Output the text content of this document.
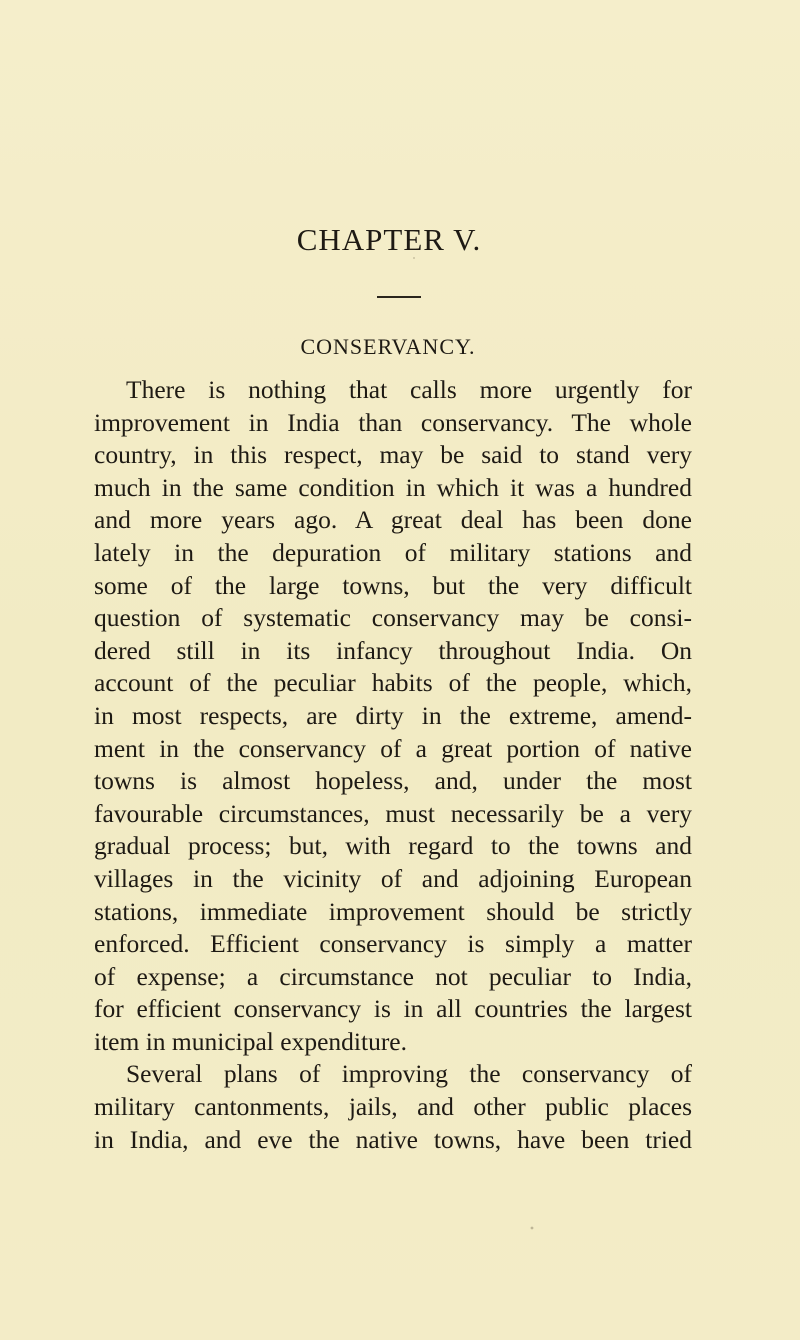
CHAPTER V.
CONSERVANCY.
There is nothing that calls more urgently for
improvement in India than conservancy. The whole
country, in this respect, may be said to stand very
much in the same condition in which it was a hundred
and more years ago. A great deal has been done
lately in the depuration of military stations and
some of the large towns, but the very difficult
question of systematic conservancy may be consi-
dered still in its infancy throughout India. On
account of the peculiar habits of the people, which,
in most respects, are dirty in the extreme, amend-
ment in the conservancy of a great portion of native
towns is almost hopeless, and, under the most
favourable circumstances, must necessarily be a very
gradual process; but, with regard to the towns and
villages in the vicinity of and adjoining European
stations, immediate improvement should be strictly
enforced. Efficient conservancy is simply a matter
of expense; a circumstance not peculiar to India,
for efficient conservancy is in all countries the largest
item in municipal expenditure.
Several plans of improving the conservancy of
military cantonments, jails, and other public places
in India, and eve the native towns, have been tried
